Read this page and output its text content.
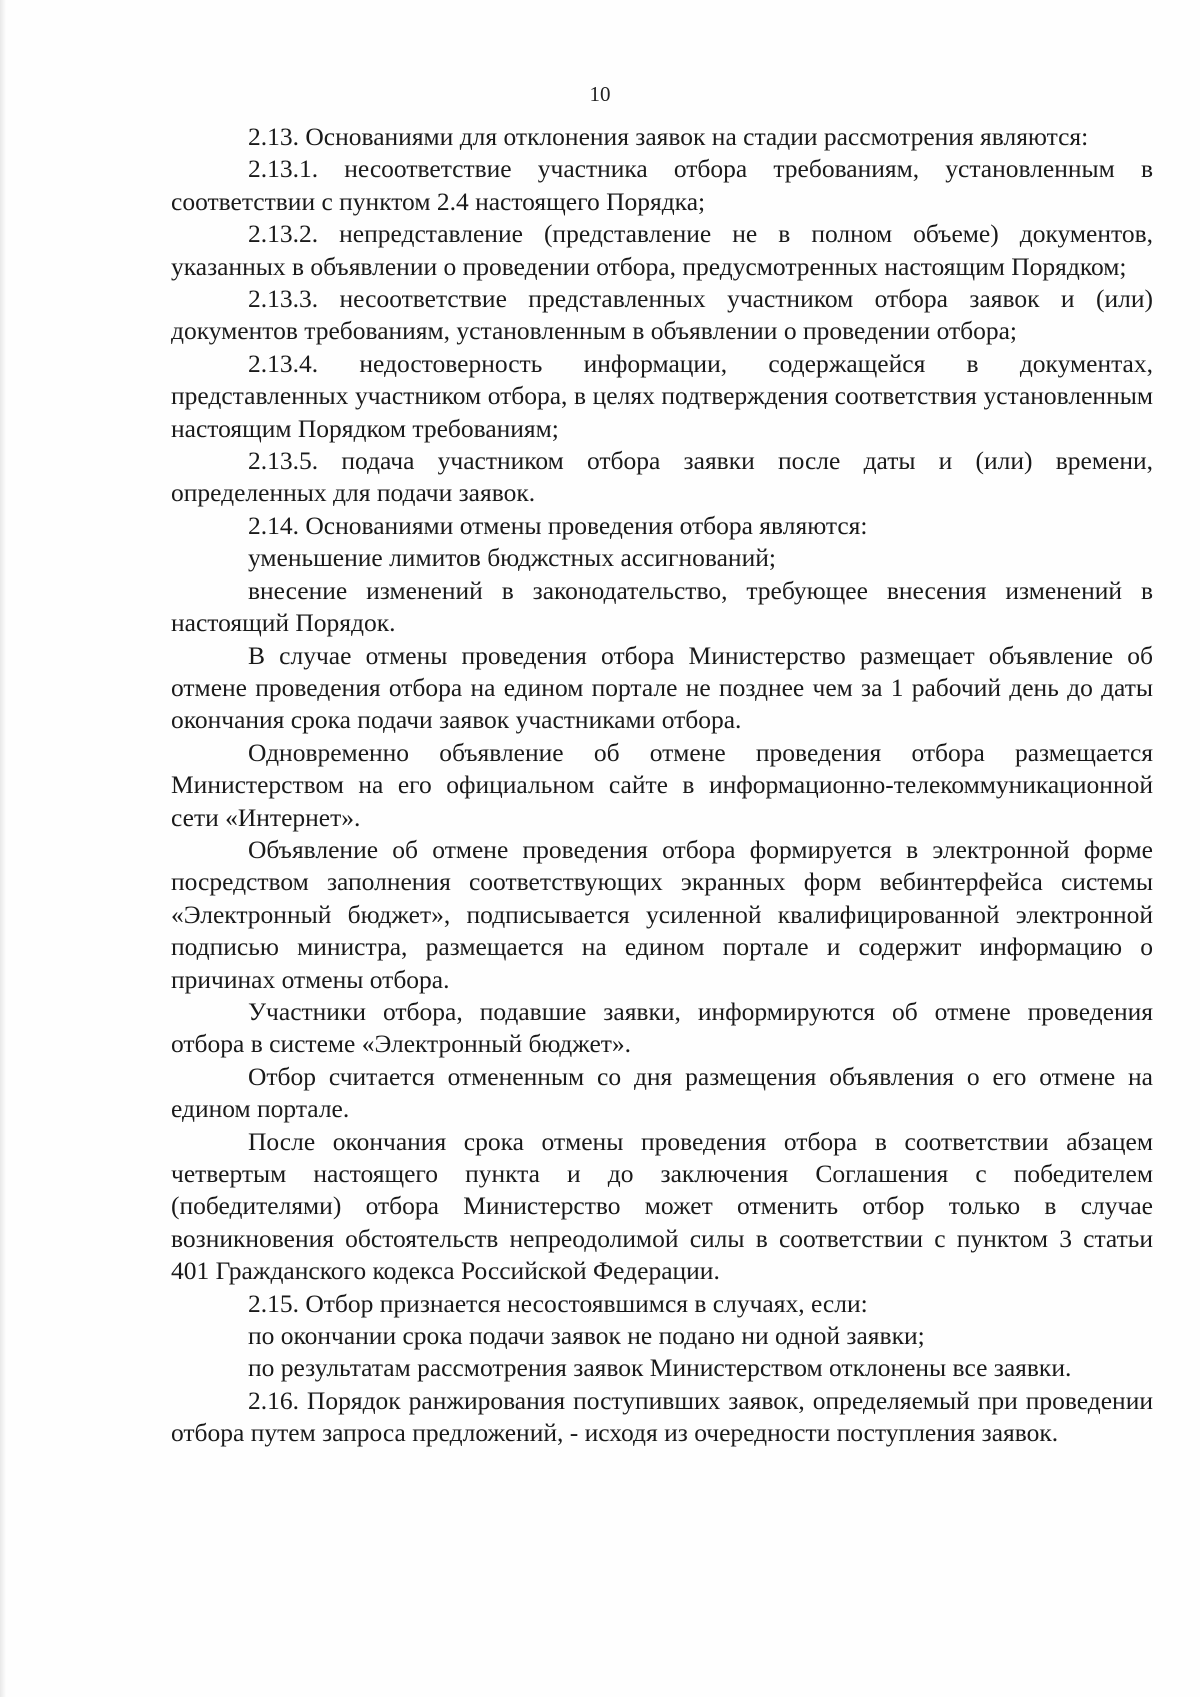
10

2.13. Основаниями для отклонения заявок на стадии рассмотрения являются:

2.13.1. несоответствие участника отбора требованиям, установленным в соответствии с пунктом 2.4 настоящего Порядка;

2.13.2. непредставление (представление не в полном объеме) документов, указанных в объявлении о проведении отбора, предусмотренных настоящим Порядком;

2.13.3. несоответствие представленных участником отбора заявок и (или) документов требованиям, установленным в объявлении о проведении отбора;

2.13.4. недостоверность информации, содержащейся в документах, представленных участником отбора, в целях подтверждения соответствия установленным настоящим Порядком требованиям;

2.13.5. подача участником отбора заявки после даты и (или) времени, определенных для подачи заявок.

2.14. Основаниями отмены проведения отбора являются:

уменьшение лимитов бюджстных ассигнований;

внесение изменений в законодательство, требующее внесения изменений в настоящий Порядок.

В случае отмены проведения отбора Министерство размещает объявление об отмене проведения отбора на едином портале не позднее чем за 1 рабочий день до даты окончания срока подачи заявок участниками отбора.

Одновременно объявление об отмене проведения отбора размещается Министерством на его официальном сайте в информационно-телекоммуникационной сети «Интернет».

Объявление об отмене проведения отбора формируется в электронной форме посредством заполнения соответствующих экранных форм вебинтерфейса системы «Электронный бюджет», подписывается усиленной квалифицированной электронной подписью министра, размещается на едином портале и содержит информацию о причинах отмены отбора.

Участники отбора, подавшие заявки, информируются об отмене проведения отбора в системе «Электронный бюджет».

Отбор считается отмененным со дня размещения объявления о его отмене на едином портале.

После окончания срока отмены проведения отбора в соответствии абзацем четвертым настоящего пункта и до заключения Соглашения с победителем (победителями) отбора Министерство может отменить отбор только в случае возникновения обстоятельств непреодолимой силы в соответствии с пунктом 3 статьи 401 Гражданского кодекса Российской Федерации.

2.15. Отбор признается несостоявшимся в случаях, если:

по окончании срока подачи заявок не подано ни одной заявки;

по результатам рассмотрения заявок Министерством отклонены все заявки.

2.16. Порядок ранжирования поступивших заявок, определяемый при проведении отбора путем запроса предложений, - исходя из очередности поступления заявок.
